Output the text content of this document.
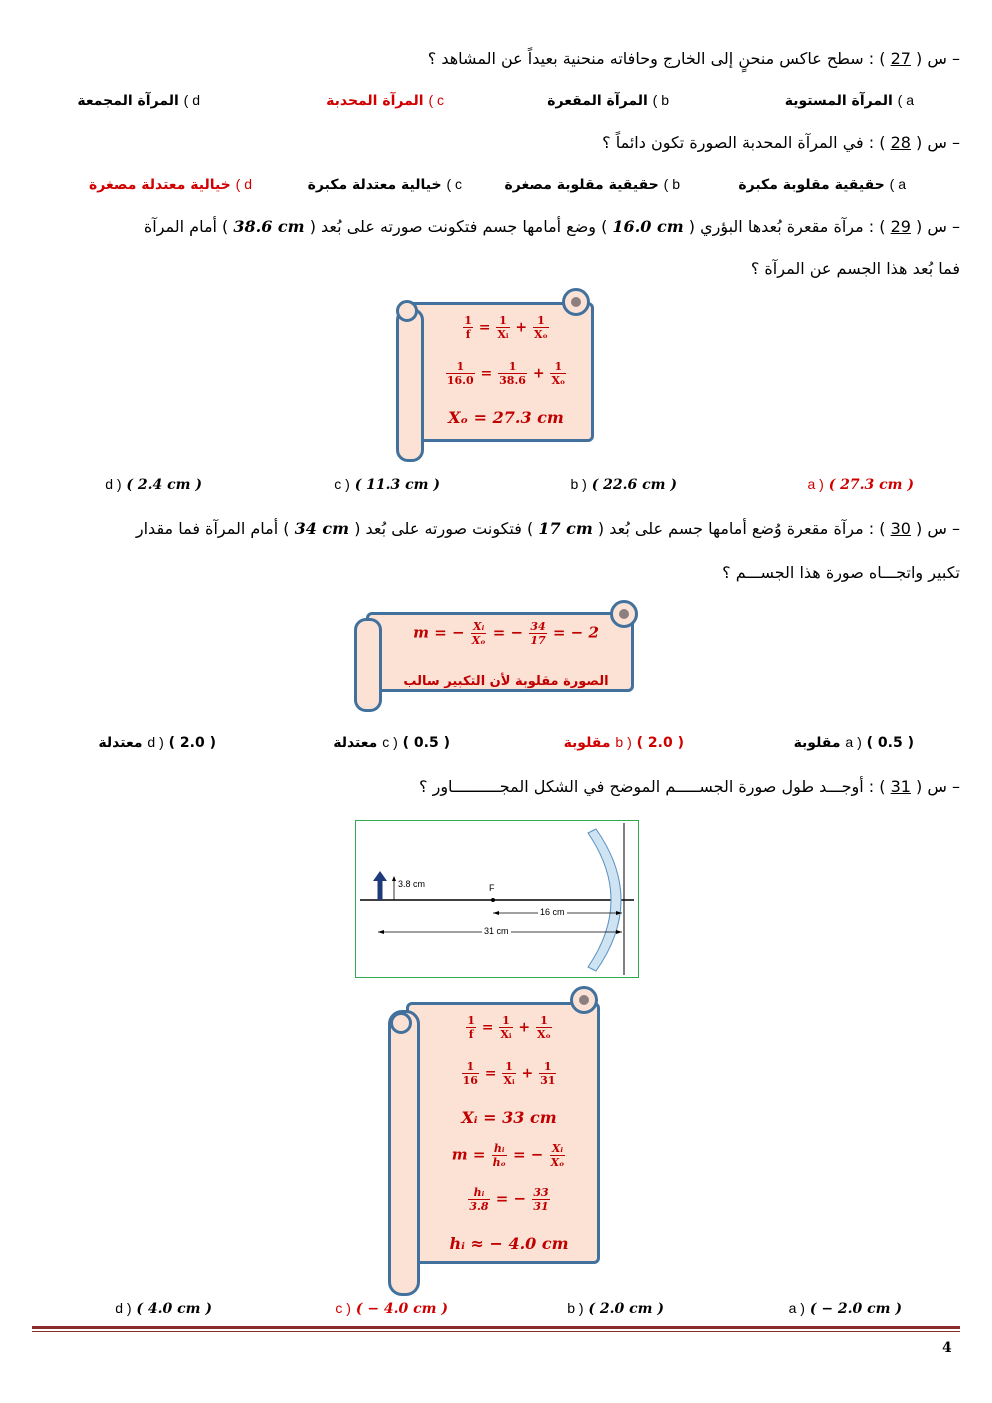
– س ( 27 ) : سطح عاكس منحنٍ إلى الخارج وحافاته منحنية بعيداً عن المشاهد ؟
a ) المرآة المستوية
b ) المرآة المقعرة
c ) المرآة المحدبة
d ) المرآة المجمعة
– س ( 28 ) : في المرآة المحدبة الصورة تكون دائماً ؟
a ) حقيقية مقلوبة مكبرة
b ) حقيقية مقلوبة مصغرة
c ) خيالية معتدلة مكبرة
d ) خيالية معتدلة مصغرة
– س ( 29 ) : مرآة مقعرة بُعدها البؤري ( 16.0 cm ) وضع أمامها جسم فتكونت صورته على بُعد ( 38.6 cm ) أمام المرآة
فما بُعد هذا الجسم عن المرآة ؟
$\frac{1}{f} = \frac{1}{\text{Xᵢ}} + \frac{1}{\text{Xₒ}}$
$\frac{1}{16.0} = \frac{1}{38.6} + \frac{1}{\text{Xₒ}}$
Xₒ = 27.3 cm
a ) ( 27.3 cm )
b ) ( 22.6 cm )
c ) ( 11.3 cm )
d ) ( 2.4 cm )
– س ( 30 ) : مرآة مقعرة وُضع أمامها جسم على بُعد ( 17 cm ) فتكونت صورته على بُعد ( 34 cm ) أمام المرآة فما مقدار
تكبير واتجـــاه صورة هذا الجســـم ؟
m = − $\frac{\text{Xᵢ}}{\text{Xₒ}}$ = − $\frac{34}{17}$ = − 2
الصورة مقلوبة لأن التكبير سالب
a ) ( 0.5 ) مقلوبة
b ) ( 2.0 ) مقلوبة
c ) ( 0.5 ) معتدلة
d ) ( 2.0 ) معتدلة
– س ( 31 ) : أوجـــد طول صورة الجســـــم الموضح في الشكل المجــــــــــاور ؟
3.8 cm	F
16 cm
31 cm
$\frac{1}{f} = \frac{1}{\text{Xᵢ}} + \frac{1}{\text{Xₒ}}$
$\frac{1}{16} = \frac{1}{\text{Xᵢ}} + \frac{1}{31}$
Xᵢ = 33 cm
$m = \frac{\text{hᵢ}}{\text{hₒ}}$ = − $\frac{\text{Xᵢ}}{\text{Xₒ}}$
$\frac{\text{hᵢ}}{3.8}$ = − $\frac{33}{31}$
hᵢ ≈ − 4.0 cm
a ) ( − 2.0 cm )
b ) ( 2.0 cm )
c ) ( − 4.0 cm )
d ) ( 4.0 cm )
4
